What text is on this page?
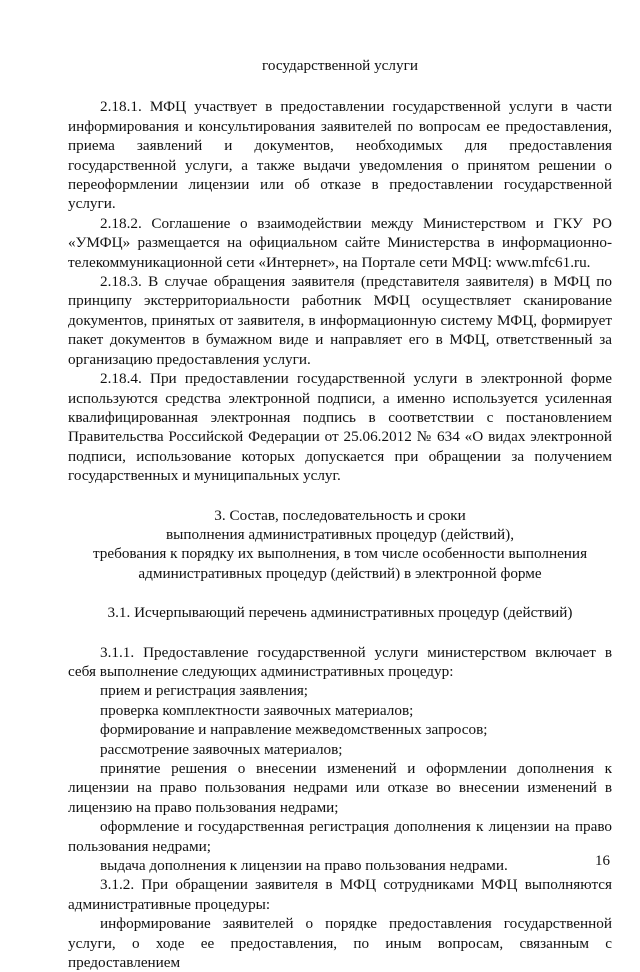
государственной услуги

2.18.1. МФЦ участвует в предоставлении государственной услуги в части информирования и консультирования заявителей по вопросам ее предоставления, приема заявлений и документов, необходимых для предоставления государственной услуги, а также выдачи уведомления о принятом решении о переоформлении лицензии или об отказе в предоставлении государственной услуги.

2.18.2. Соглашение о взаимодействии между Министерством и ГКУ РО «УМФЦ» размещается на официальном сайте Министерства в информационно-телекоммуникационной сети «Интернет», на Портале сети МФЦ: www.mfc61.ru.

2.18.3. В случае обращения заявителя (представителя заявителя) в МФЦ по принципу экстерриториальности работник МФЦ осуществляет сканирование документов, принятых от заявителя, в информационную систему МФЦ, формирует пакет документов в бумажном виде и направляет его в МФЦ, ответственный за организацию предоставления услуги.

2.18.4. При предоставлении государственной услуги в электронной форме используются средства электронной подписи, а именно используется усиленная квалифицированная электронная подпись в соответствии с постановлением Правительства Российской Федерации от 25.06.2012 № 634 «О видах электронной подписи, использование которых допускается при обращении за получением государственных и муниципальных услуг.

3. Состав, последовательность и сроки

выполнения административных процедур (действий),

требования к порядку их выполнения, в том числе особенности выполнения

административных процедур (действий) в электронной форме

3.1. Исчерпывающий перечень административных процедур (действий)

3.1.1. Предоставление государственной услуги министерством включает в себя выполнение следующих административных процедур:

прием и регистрация заявления;

проверка комплектности заявочных материалов;

формирование и направление межведомственных запросов;

рассмотрение заявочных материалов;

принятие решения о внесении изменений и оформлении дополнения к лицензии на право пользования недрами или отказе во внесении изменений в лицензию на право пользования недрами;

оформление и государственная регистрация дополнения к лицензии на право пользования недрами;

выдача дополнения к лицензии на право пользования недрами.

3.1.2. При обращении заявителя в МФЦ сотрудниками МФЦ выполняются административные процедуры:

информирование заявителей о порядке предоставления государственной услуги, о ходе ее предоставления, по иным вопросам, связанным с предоставлением

16
